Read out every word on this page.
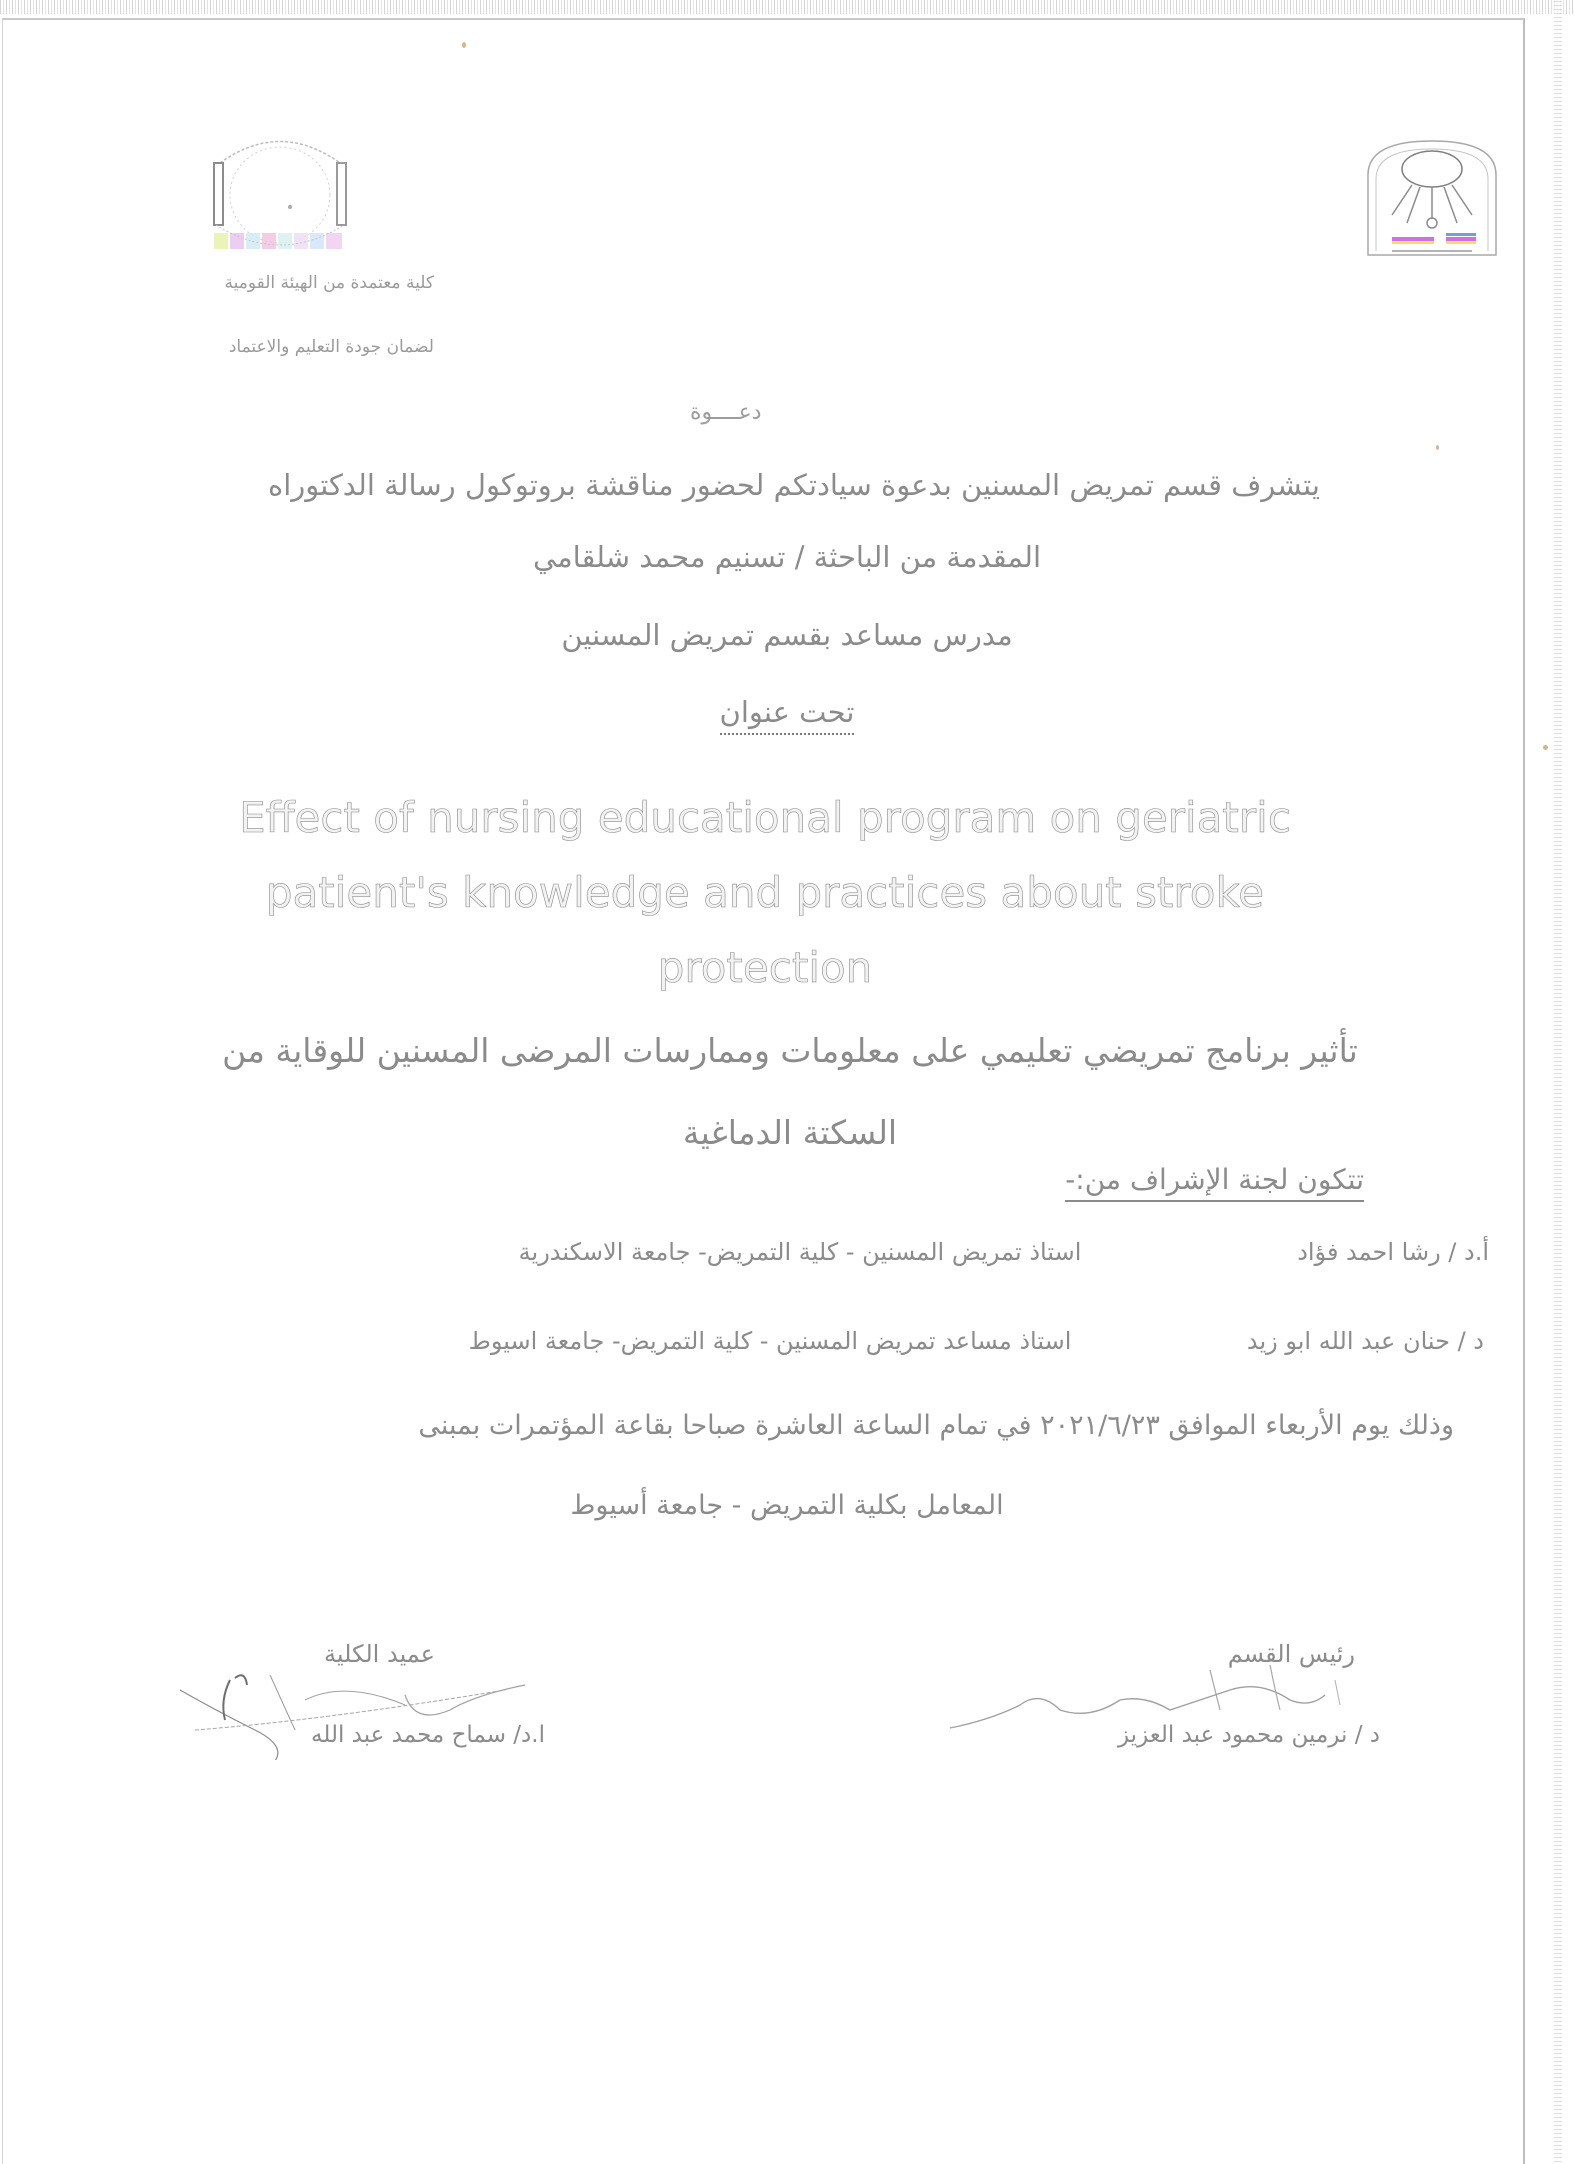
كلية معتمدة من الهيئة القومية
لضمان جودة التعليم والاعتماد
دعــــوة
يتشرف قسم تمريض المسنين بدعوة سيادتكم لحضور مناقشة بروتوكول رسالة الدكتوراه
المقدمة من الباحثة / تسنيم محمد شلقامي
مدرس مساعد بقسم تمريض المسنين
تحت عنوان
Effect of nursing educational program on geriatric patient's knowledge and practices about stroke protection
تأثير برنامج تمريضي تعليمي على معلومات وممارسات المرضى المسنين للوقاية من السكتة الدماغية
تتكون لجنة الإشراف من:-
أ.د / رشا احمد فؤاد استاذ تمريض المسنين - كلية التمريض- جامعة الاسكندرية
د / حنان عبد الله ابو زيد استاذ مساعد تمريض المسنين - كلية التمريض- جامعة اسيوط
وذلك يوم الأربعاء الموافق ٢٠٢١/٦/٢٣ في تمام الساعة العاشرة صباحا بقاعة المؤتمرات بمبنى
المعامل بكلية التمريض - جامعة أسيوط
عميد الكلية
ا.د/ سماح محمد عبد الله
رئيس القسم
د / نرمين محمود عبد العزيز
